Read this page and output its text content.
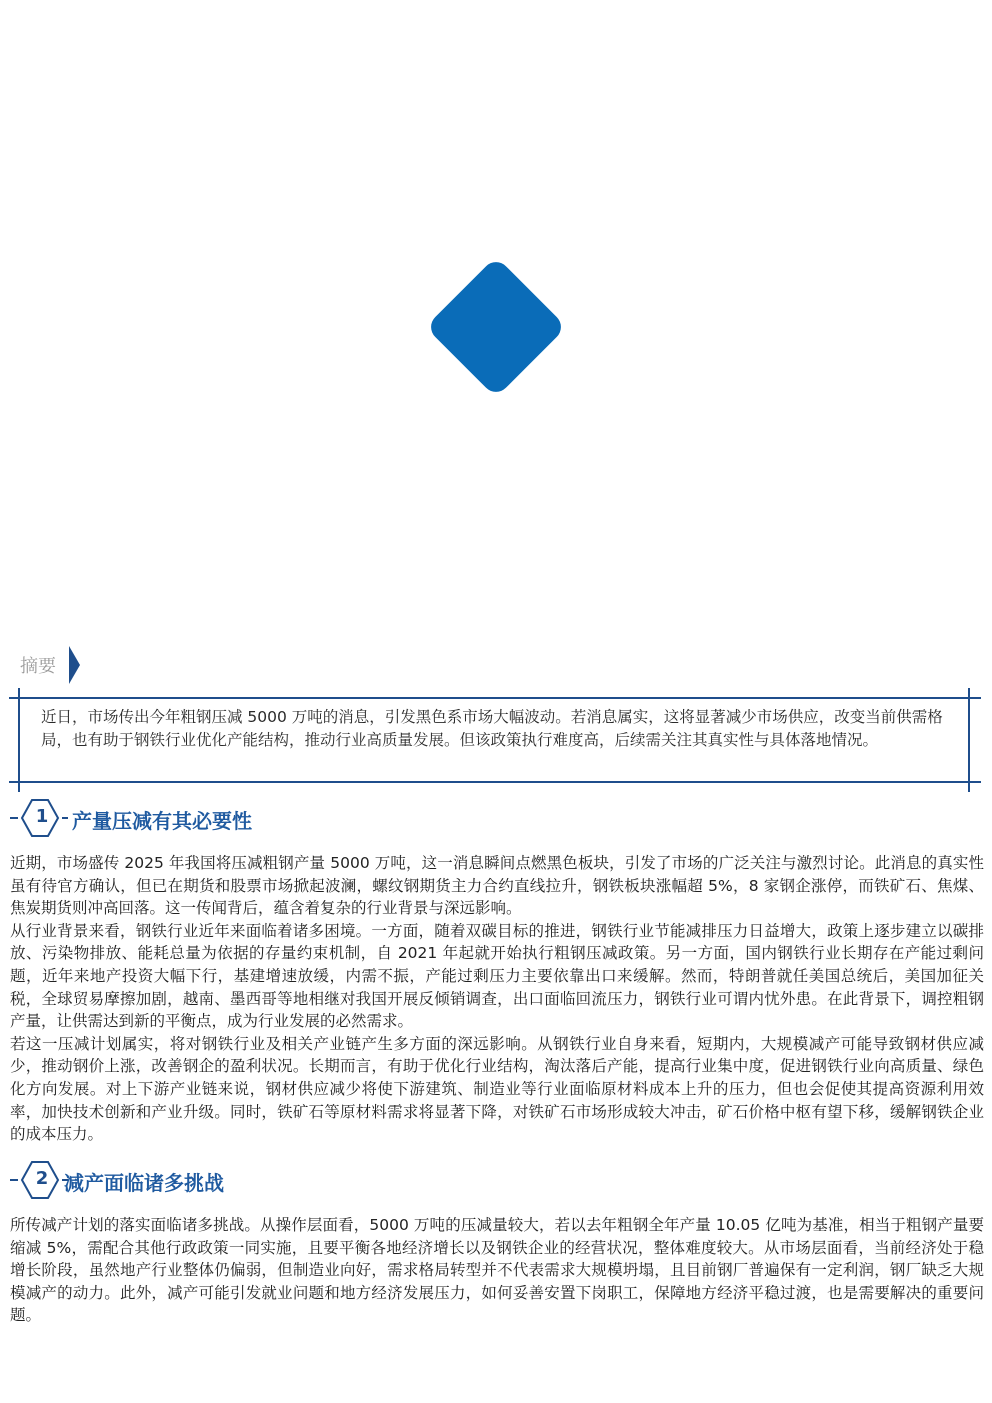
摘要
近日，市场传出今年粗钢压减 5000 万吨的消息，引发黑色系市场大幅波动。若消息属实，这将显著减少市场供应，改变当前供需格局，也有助于钢铁行业优化产能结构，推动行业高质量发展。但该政策执行难度高，后续需关注其真实性与具体落地情况。
1 产量压减有其必要性

近期，市场盛传 2025 年我国将压减粗钢产量 5000 万吨，这一消息瞬间点燃黑色板块，引发了市场的广泛关注与激烈讨论。此消息的真实性虽有待官方确认，但已在期货和股票市场掀起波澜，螺纹钢期货主力合约直线拉升，钢铁板块涨幅超 5%，8 家钢企涨停，而铁矿石、焦煤、焦炭期货则冲高回落。这一传闻背后，蕴含着复杂的行业背景与深远影响。

从行业背景来看，钢铁行业近年来面临着诸多困境。一方面，随着双碳目标的推进，钢铁行业节能减排压力日益增大，政策上逐步建立以碳排放、污染物排放、能耗总量为依据的存量约束机制，自 2021 年起就开始执行粗钢压减政策。另一方面，国内钢铁行业长期存在产能过剩问题，近年来地产投资大幅下行，基建增速放缓，内需不振，产能过剩压力主要依靠出口来缓解。然而，特朗普就任美国总统后，美国加征关税，全球贸易摩擦加剧，越南、墨西哥等地相继对我国开展反倾销调查，出口面临回流压力，钢铁行业可谓内忧外患。在此背景下，调控粗钢产量，让供需达到新的平衡点，成为行业发展的必然需求。

若这一压减计划属实，将对钢铁行业及相关产业链产生多方面的深远影响。从钢铁行业自身来看，短期内，大规模减产可能导致钢材供应减少，推动钢价上涨，改善钢企的盈利状况。长期而言，有助于优化行业结构，淘汰落后产能，提高行业集中度，促进钢铁行业向高质量、绿色化方向发展。对上下游产业链来说，钢材供应减少将使下游建筑、制造业等行业面临原材料成本上升的压力，但也会促使其提高资源利用效率，加快技术创新和产业升级。同时，铁矿石等原材料需求将显著下降，对铁矿石市场形成较大冲击，矿石价格中枢有望下移，缓解钢铁企业的成本压力。

2 减产面临诸多挑战

所传减产计划的落实面临诸多挑战。从操作层面看，5000 万吨的压减量较大，若以去年粗钢全年产量 10.05 亿吨为基准，相当于粗钢产量要缩减 5%，需配合其他行政政策一同实施，且要平衡各地经济增长以及钢铁企业的经营状况，整体难度较大。从市场层面看，当前经济处于稳增长阶段，虽然地产行业整体仍偏弱，但制造业向好，需求格局转型并不代表需求大规模坍塌，且目前钢厂普遍保有一定利润，钢厂缺乏大规模减产的动力。此外，减产可能引发就业问题和地方经济发展压力，如何妥善安置下岗职工，保障地方经济平稳过渡，也是需要解决的重要问题。
